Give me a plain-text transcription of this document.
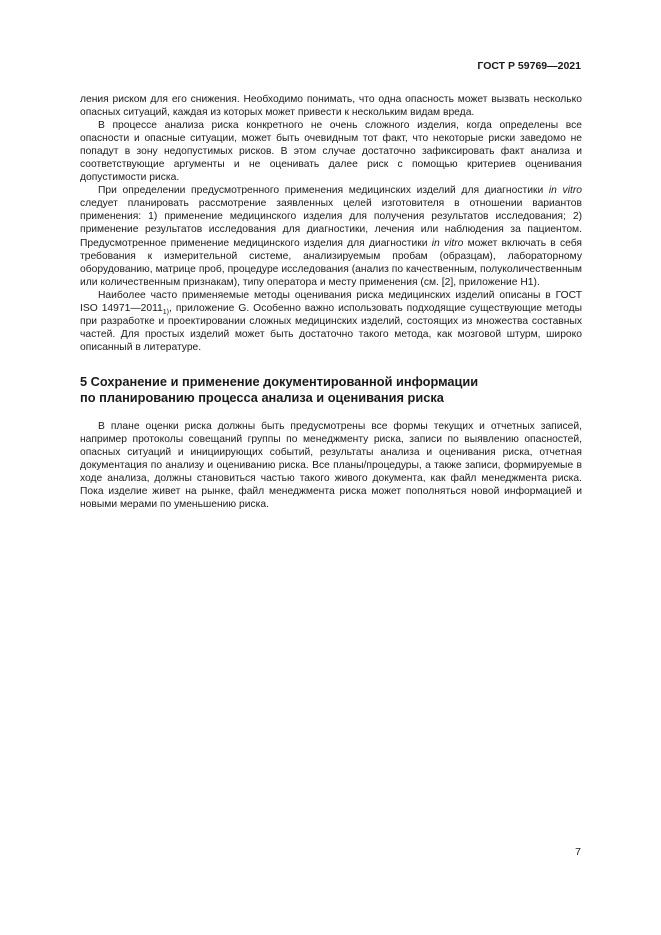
ГОСТ Р 59769—2021

ления риском для его снижения. Необходимо понимать, что одна опасность может вызвать несколько опасных ситуаций, каждая из которых может привести к нескольким видам вреда.

В процессе анализа риска конкретного не очень сложного изделия, когда определены все опасности и опасные ситуации, может быть очевидным тот факт, что некоторые риски заведомо не попадут в зону недопустимых рисков. В этом случае достаточно зафиксировать факт анализа и соответствующие аргументы и не оценивать далее риск с помощью критериев оценивания допустимости риска.

При определении предусмотренного применения медицинских изделий для диагностики in vitro следует планировать рассмотрение заявленных целей изготовителя в отношении вариантов применения: 1) применение медицинского изделия для получения результатов исследования; 2) применение результатов исследования для диагностики, лечения или наблюдения за пациентом. Предусмотренное применение медицинского изделия для диагностики in vitro может включать в себя требования к измерительной системе, анализируемым пробам (образцам), лабораторному оборудованию, матрице проб, процедуре исследования (анализ по качественным, полуколичественным или количественным признакам), типу оператора и месту применения (см. [2], приложение Н1).

Наиболее часто применяемые методы оценивания риска медицинских изделий описаны в ГОСТ ISO $14971—2011_{1)}$, приложение G. Особенно важно использовать подходящие существующие методы при разработке и проектировании сложных медицинских изделий, состоящих из множества составных частей. Для простых изделий может быть достаточно такого метода, как мозговой штурм, широко описанный в литературе.

5 Сохранение и применение документированной информации
по планированию процесса анализа и оценивания риска

В плане оценки риска должны быть предусмотрены все формы текущих и отчетных записей, например протоколы совещаний группы по менеджменту риска, записи по выявлению опасностей, опасных ситуаций и инициирующих событий, результаты анализа и оценивания риска, отчетная документация по анализу и оцениванию риска. Все планы/процедуры, а также записи, формируемые в ходе анализа, должны становиться частью такого живого документа, как файл менеджмента риска. Пока изделие живет на рынке, файл менеджмента риска может пополняться новой информацией и новыми мерами по уменьшению риска.

7
